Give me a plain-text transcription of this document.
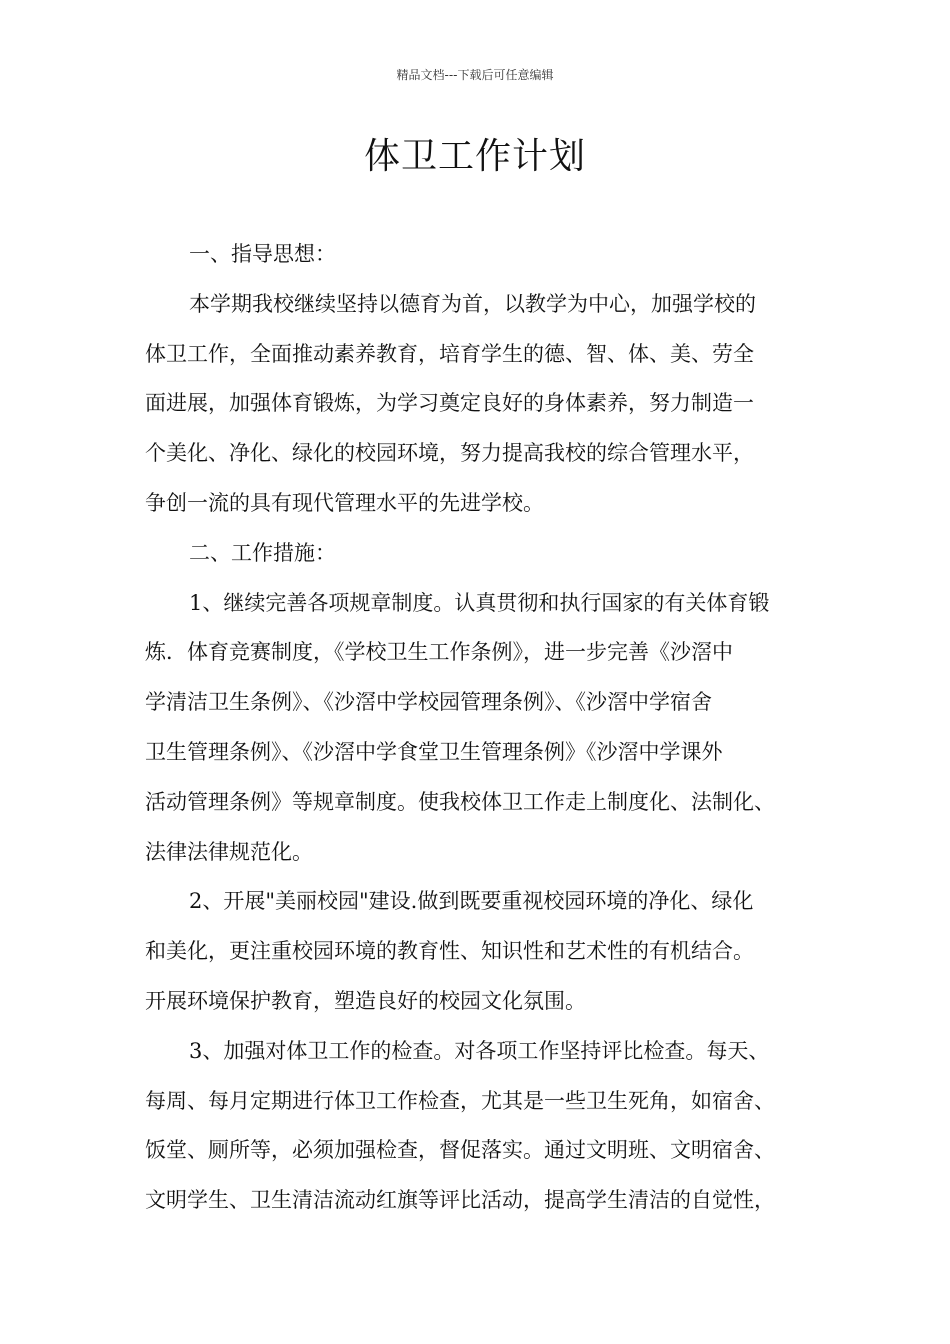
精品文档---下载后可任意编辑
体卫工作计划
一、指导思想：
本学期我校继续坚持以德育为首，以教学为中心，加强学校的
体卫工作，全面推动素养教育，培育学生的德、智、体、美、劳全
面进展，加强体育锻炼，为学习奠定良好的身体素养，努力制造一
个美化、净化、绿化的校园环境，努力提高我校的综合管理水平，
争创一流的具有现代管理水平的先进学校。
二、工作措施：
1、继续完善各项规章制度。认真贯彻和执行国家的有关体育锻
炼．体育竞赛制度，《学校卫生工作条例》，进一步完善《沙滘中
学清洁卫生条例》、《沙滘中学校园管理条例》、《沙滘中学宿舍
卫生管理条例》、《沙滘中学食堂卫生管理条例》《沙滘中学课外
活动管理条例》等规章制度。使我校体卫工作走上制度化、法制化、
法律法律规范化。
2、开展"美丽校园"建设.做到既要重视校园环境的净化、绿化
和美化，更注重校园环境的教育性、知识性和艺术性的有机结合。
开展环境保护教育，塑造良好的校园文化氛围。
3、加强对体卫工作的检查。对各项工作坚持评比检查。每天、
每周、每月定期进行体卫工作检查，尤其是一些卫生死角，如宿舍、
饭堂、厕所等，必须加强检查，督促落实。通过文明班、文明宿舍、
文明学生、卫生清洁流动红旗等评比活动，提高学生清洁的自觉性，
